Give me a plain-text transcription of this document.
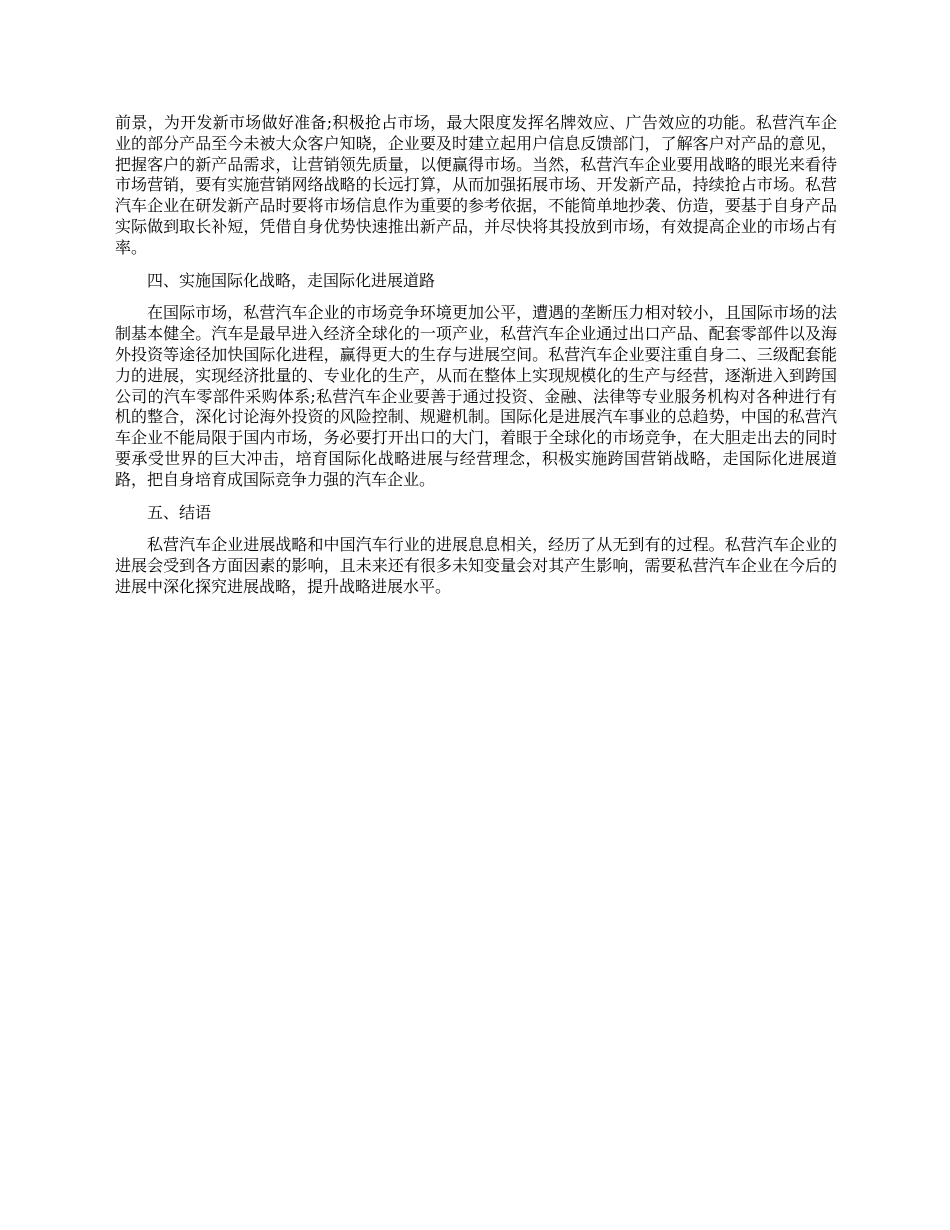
前景，为开发新市场做好准备;积极抢占市场，最大限度发挥名牌效应、广告效应的功能。私营汽车企业的部分产品至今未被大众客户知晓，企业要及时建立起用户信息反馈部门，了解客户对产品的意见，把握客户的新产品需求，让营销领先质量，以便赢得市场。当然，私营汽车企业要用战略的眼光来看待市场营销，要有实施营销网络战略的长远打算，从而加强拓展市场、开发新产品，持续抢占市场。私营汽车企业在研发新产品时要将市场信息作为重要的参考依据，不能简单地抄袭、仿造，要基于自身产品实际做到取长补短，凭借自身优势快速推出新产品，并尽快将其投放到市场，有效提高企业的市场占有率。

四、实施国际化战略，走国际化进展道路

在国际市场，私营汽车企业的市场竞争环境更加公平，遭遇的垄断压力相对较小，且国际市场的法制基本健全。汽车是最早进入经济全球化的一项产业，私营汽车企业通过出口产品、配套零部件以及海外投资等途径加快国际化进程，赢得更大的生存与进展空间。私营汽车企业要注重自身二、三级配套能力的进展，实现经济批量的、专业化的生产，从而在整体上实现规模化的生产与经营，逐渐进入到跨国公司的汽车零部件采购体系;私营汽车企业要善于通过投资、金融、法律等专业服务机构对各种进行有机的整合，深化讨论海外投资的风险控制、规避机制。国际化是进展汽车事业的总趋势，中国的私营汽车企业不能局限于国内市场，务必要打开出口的大门，着眼于全球化的市场竞争，在大胆走出去的同时要承受世界的巨大冲击，培育国际化战略进展与经营理念，积极实施跨国营销战略，走国际化进展道路，把自身培育成国际竞争力强的汽车企业。

五、结语

私营汽车企业进展战略和中国汽车行业的进展息息相关，经历了从无到有的过程。私营汽车企业的进展会受到各方面因素的影响，且未来还有很多未知变量会对其产生影响，需要私营汽车企业在今后的进展中深化探究进展战略，提升战略进展水平。
